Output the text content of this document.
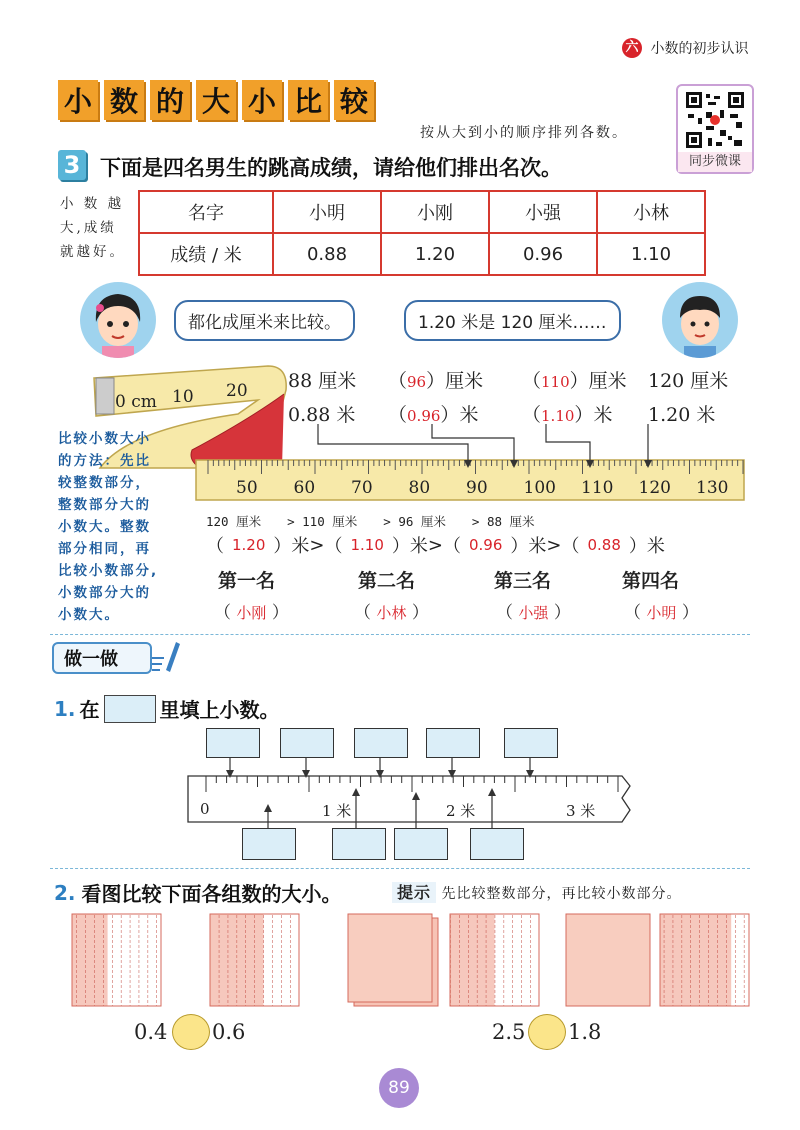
六 小数的初步认识
小 数 的 大 小 比 较
同步微课
按从大到小的顺序排列各数。
3 下面是四名男生的跳高成绩，请给他们排出名次。
小 数 越
大,成绩
就越好。
名字	小明	小刚	小强	小林
成绩 / 米	0.88	1.20	0.96	1.10
都化成厘米来比较。	1.20 米是 120 厘米……
0 cm 10 20
50 60 70 80 90 100 110 120 130
88 厘米 （96）厘米 （110）厘米 120 厘米
0.88 米 （0.96）米 （1.10）米 1.20 米
比较小数大小
的方法：先比
较整数部分，
整数部分大的
小数大。整数
部分相同，再
比较小数部分,
小数部分大的
小数大。
120 厘米 > 110 厘米 > 96 厘米 > 88 厘米
（ 1.20 ） 米 > （ 1.10 ） 米 > （ 0.96 ） 米 > （ 0.88 ） 米
第一名	第二名	第三名	第四名
（ 小刚 ）	（ 小林 ）	（ 小强 ）	（ 小明 ）
做一做
1. 在	里填上小数。
0	1 米	2 米	3 米
2. 看图比较下面各组数的大小。	提示 先比较整数部分，再比较小数部分。
0.4 0.6	2.5 1.8
89
